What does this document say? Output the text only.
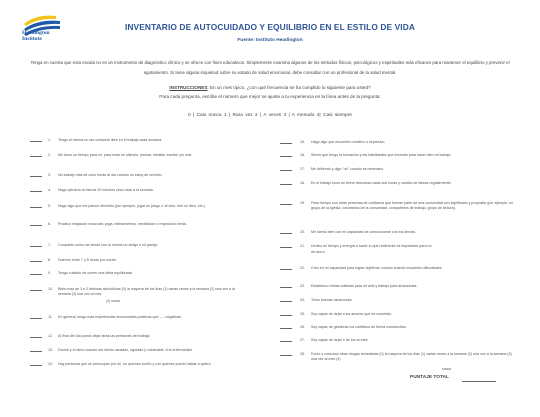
Headington
Institute
INVENTARIO DE AUTOCUIDADO Y EQUILIBRIO EN EL ESTILO DE VIDA
Fuente: Instituto Headington
Tenga en cuenta que esta escala no es un instrumento de diagnóstico clínico y se ofrece con fines educativos. Simplemente examina algunos de los métodos físicos, psicológicos y espirituales más eficaces para mantener el equilibrio y prevenir el agotamiento. Si tiene alguna inquietud sobre su estado de salud emocional, debe consultar con un profesional de la salud mental.
INSTRUCCIONES: En un mes típico, ¿con qué frecuencia se ha cumplido lo siguiente para usted?
Para cada pregunta, escribe el número que mejor se ajuste a tu experiencia en la línea antes de la pregunta:
0 | Casi nunca 1 | Rara vez 2 | A veces 3 | A menudo 4| Casi siempre
1. Tengo al menos un día completo libre en el trabajo cada semana.
2. Me tomo un tiempo para mí, para estar en silencio, pensar, meditar, escribir y/o orar.
3. No trabajo más de ocho horas al día cuando no estoy de servicio.
4. Hago ejercicio al menos 20 minutos cinco días a la semana.
5. Hago algo que me parece divertido (por ejemplo, jugar un juego, ir al cine, leer un libro, etc.).
6. Practico relajación muscular, yoga, estiramientos, meditación o respiración lenta.
7. Comparto como me siento con al menos un amigo o mi pareja.
8. Duermo entre 7 y 8 horas por noche.
9. Tengo cuidado de comer una dieta equilibrada.
10. Bebo más de 1 o 2 bebidas alcohólicas (0) la mayoría de los días (1) varias veces a la semana (2) una vez a la semana (3) una vez al mes
(4) nunca
11. En general, tengo más experiencias emocionales positivas que ......negativas.
12. Al final del día puedo dejar atrás las presiones del trabajo.
13. Dormir y el ritmo cuando me siento cansado, agotado y vulnerable. A la enfermedad
14. Hay personas que se preocupan por mí, en quienes confío y con quienes puedo hablar a quiero
15. Hago algo que encuentro creativo o expresivo.
16. Siento que tengo la formación y las habilidades que necesito para hacer bien mi trabajo.
17. Me defiendo y digo "no" cuando es necesario.
18. En el trabajo tomo un breve descanso cada dos horas y cambio de tareas regularmente.
19. Paso tiempo con otras personas de confianza que forman parte de una comunidad con significado y propósito (por ejemplo, un grupo de la iglesia, voluntarios de la comunidad, compañeros de trabajo, grupo de lectura).
20. Me siento bien con mi capacidad de comunicarme con los demás.
21. Dedico mi tiempo y energía a hacer lo que realmente es importante para mí.
de nuevo
22. Creo en mi capacidad para lograr objetivos, incluso cuando encuentro dificultades.
23. Establezco metas realistas para mi vida y trabajo para alcanzarlas.
24. Tomo buenas vacaciones.
25. Soy capaz de dejar a los amores que he cometido.
26. Soy capaz de gestionar los conflictos de forma constructiva.
27. Soy capaz de dejar ir de los errores.
28. Fumo o consumo otras drogas recreativas (0) la mayoría de los días (1) varias veces a la semana (2) una vez a la semana (3) una vez al mes (4)
nunca
PUNTAJE TOTAL
